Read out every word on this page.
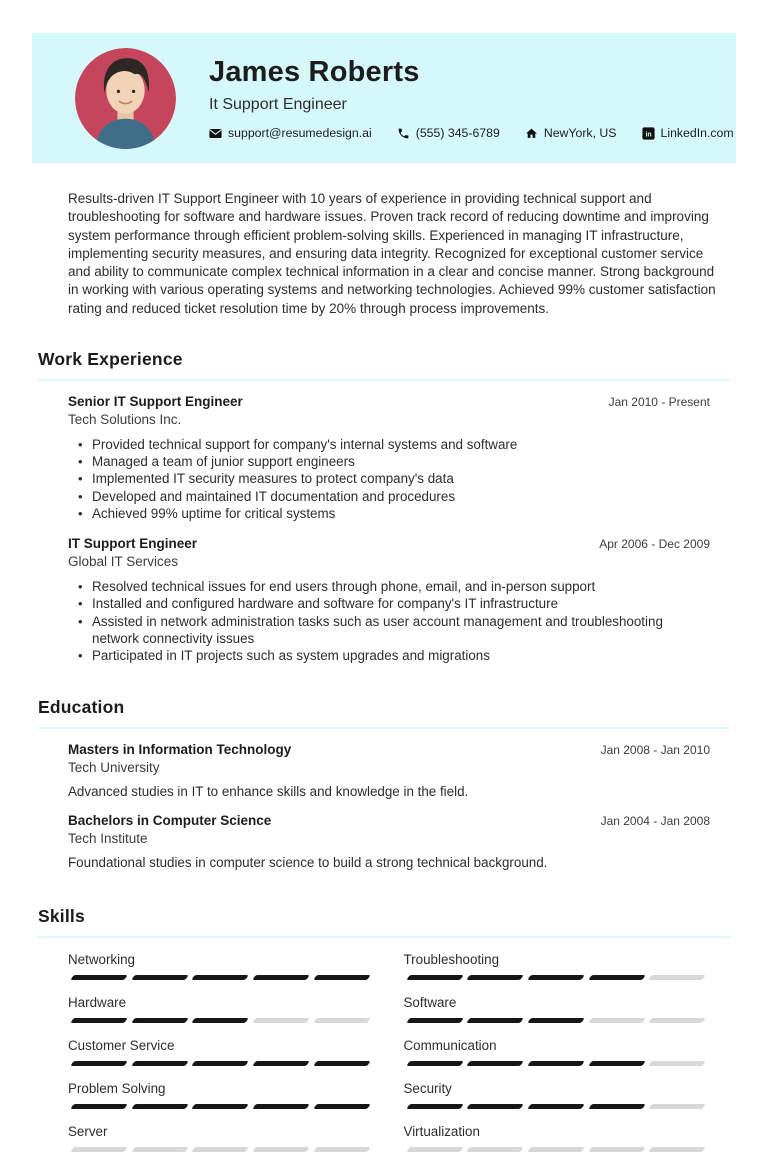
James Roberts
It Support Engineer
support@resumedesign.ai	(555) 345-6789	NewYork, US	in LinkedIn.com

Results-driven IT Support Engineer with 10 years of experience in providing technical support and troubleshooting for software and hardware issues. Proven track record of reducing downtime and improving system performance through efficient problem-solving skills. Experienced in managing IT infrastructure, implementing security measures, and ensuring data integrity. Recognized for exceptional customer service and ability to communicate complex technical information in a clear and concise manner. Strong background in working with various operating systems and networking technologies. Achieved 99% customer satisfaction rating and reduced ticket resolution time by 20% through process improvements.

Work Experience
Senior IT Support Engineer	Jan 2010 - Present
Tech Solutions Inc.
• Provided technical support for company's internal systems and software
• Managed a team of junior support engineers
• Implemented IT security measures to protect company's data
• Developed and maintained IT documentation and procedures
• Achieved 99% uptime for critical systems
IT Support Engineer	Apr 2006 - Dec 2009
Global IT Services
• Resolved technical issues for end users through phone, email, and in-person support
• Installed and configured hardware and software for company's IT infrastructure
• Assisted in network administration tasks such as user account management and troubleshooting network connectivity issues
• Participated in IT projects such as system upgrades and migrations
Education
Masters in Information Technology	Jan 2008 - Jan 2010
Tech University

Advanced studies in IT to enhance skills and knowledge in the field.

Bachelors in Computer Science	Jan 2004 - Jan 2008
Tech Institute

Foundational studies in computer science to build a strong technical background.

Skills
Networking	Troubleshooting
Hardware	Software
Customer Service	Communication
Problem Solving	Security
Server	Virtualization
